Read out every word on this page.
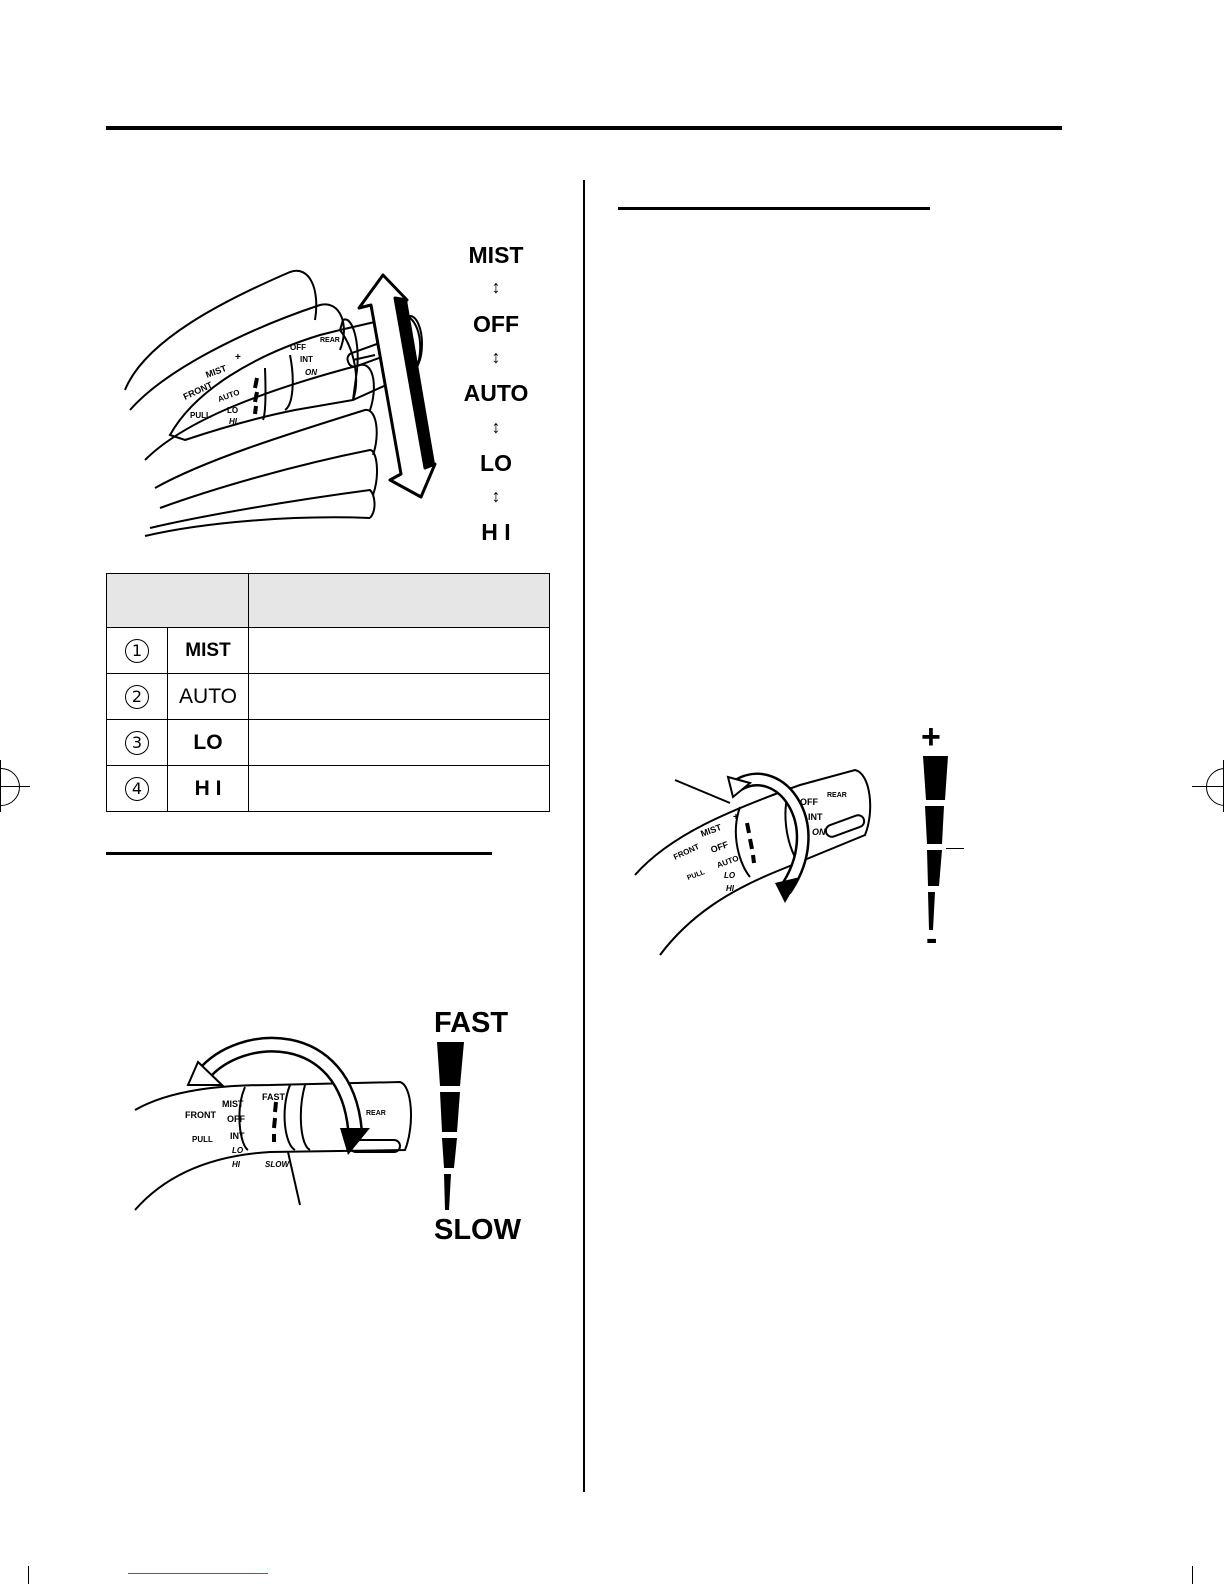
FRONT
PULL
MIST
AUTO
LO
HI
OFF
INT
ON
REAR
+
MIST
↕
OFF
↕
AUTO
↕
LO
↕
H I

1	MIST	
2	AUTO	
3	LO	
4	H I	
FRONT
PULL
MIST
OFF
INT
LO
HI
FAST
SLOW
REAR
FAST
SLOW
FRONT
PULL
MIST
OFF
AUTO
LO
HI
OFF
INT
ON
REAR
+
+
-
